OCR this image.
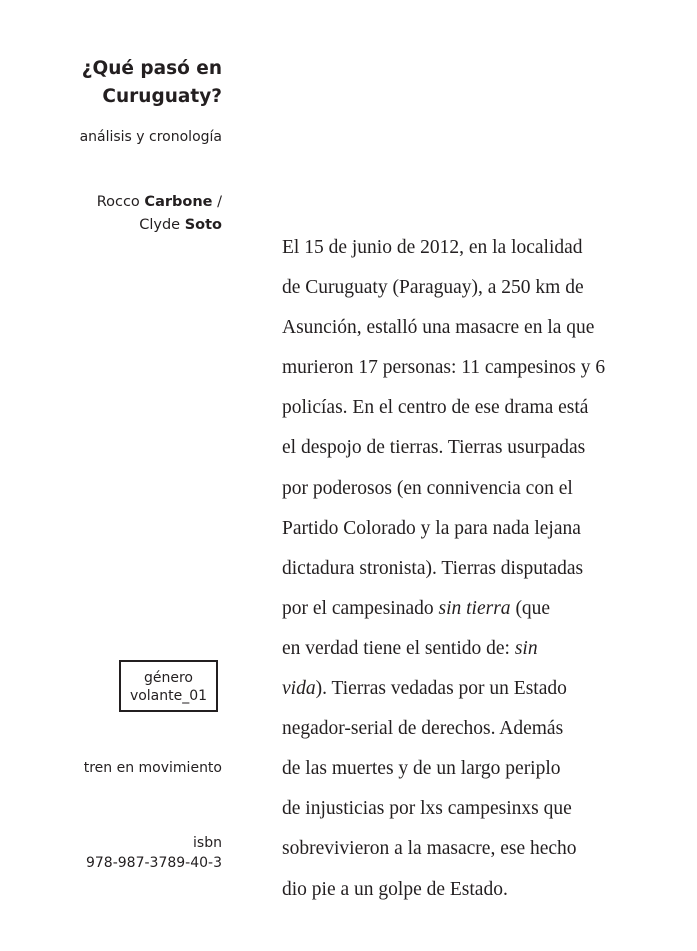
¿Qué pasó en
Curuguaty?
análisis y cronología
Rocco Carbone /
Clyde Soto
género
volante_01
tren en movimiento
isbn
978-987-3789-40-3
El 15 de junio de 2012, en la localidad
de Curuguaty (Paraguay), a 250 km de
Asunción, estalló una masacre en la que
murieron 17 personas: 11 campesinos y 6
policías. En el centro de ese drama está
el despojo de tierras. Tierras usurpadas
por poderosos (en connivencia con el
Partido Colorado y la para nada lejana
dictadura stronista). Tierras disputadas
por el campesinado sin tierra (que
en verdad tiene el sentido de: sin
vida). Tierras vedadas por un Estado
negador-serial de derechos. Además
de las muertes y de un largo periplo
de injusticias por lxs campesinxs que
sobrevivieron a la masacre, ese hecho
dio pie a un golpe de Estado.
